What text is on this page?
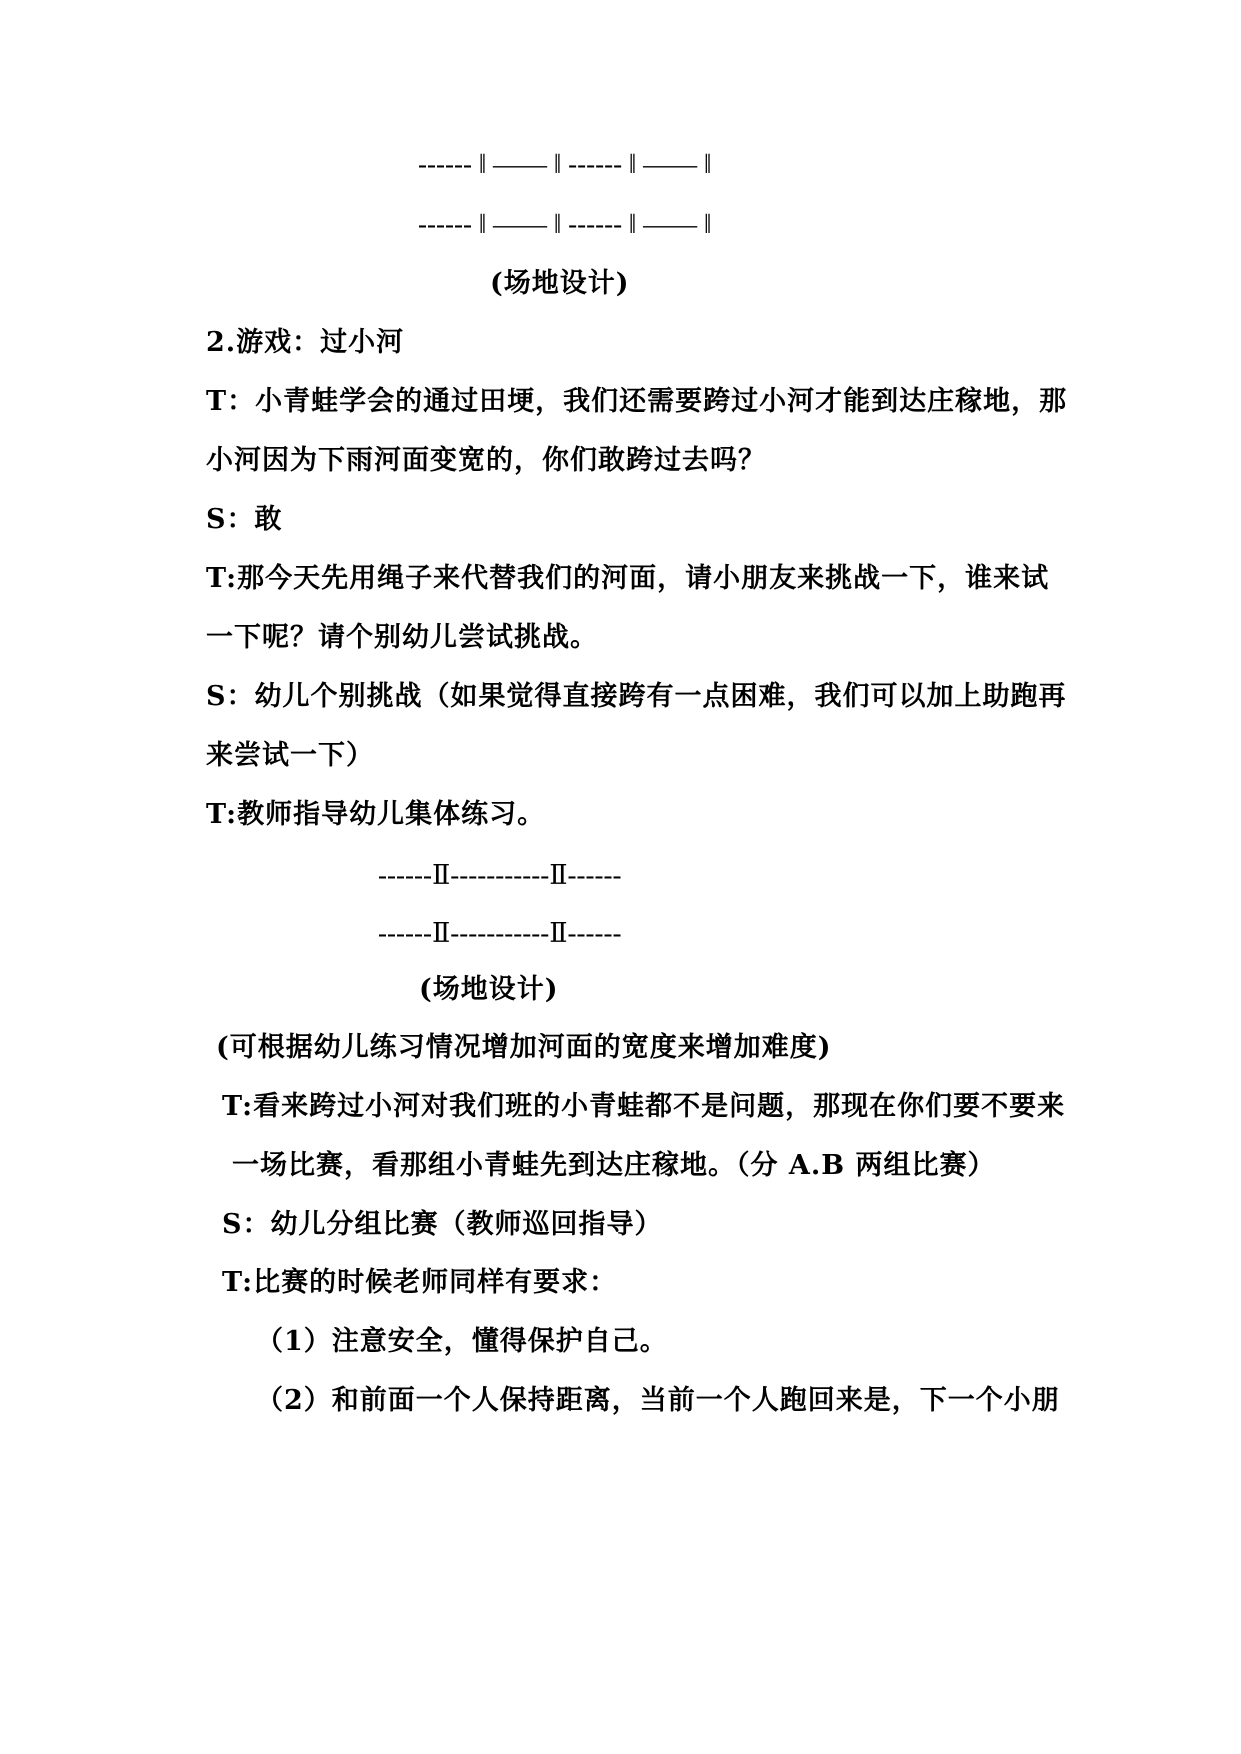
------ ‖ –––– ‖ ------ ‖ –––– ‖
------ ‖ –––– ‖ ------ ‖ –––– ‖
(场地设计)
2.游戏：过小河
T：小青蛙学会的通过田埂，我们还需要跨过小河才能到达庄稼地，那
小河因为下雨河面变宽的，你们敢跨过去吗？
S：敢
T:那今天先用绳子来代替我们的河面，请小朋友来挑战一下，谁来试
一下呢？请个别幼儿尝试挑战。
S：幼儿个别挑战（如果觉得直接跨有一点困难，我们可以加上助跑再
来尝试一下）
T:教师指导幼儿集体练习。
------Ⅱ-----------Ⅱ------
------Ⅱ-----------Ⅱ------
(场地设计)
(可根据幼儿练习情况增加河面的宽度来增加难度)
T:看来跨过小河对我们班的小青蛙都不是问题，那现在你们要不要来
一场比赛，看那组小青蛙先到达庄稼地。（分 A.B 两组比赛）
S：幼儿分组比赛（教师巡回指导）
T:比赛的时候老师同样有要求：
（1）注意安全，懂得保护自己。
（2）和前面一个人保持距离，当前一个人跑回来是，下一个小朋
